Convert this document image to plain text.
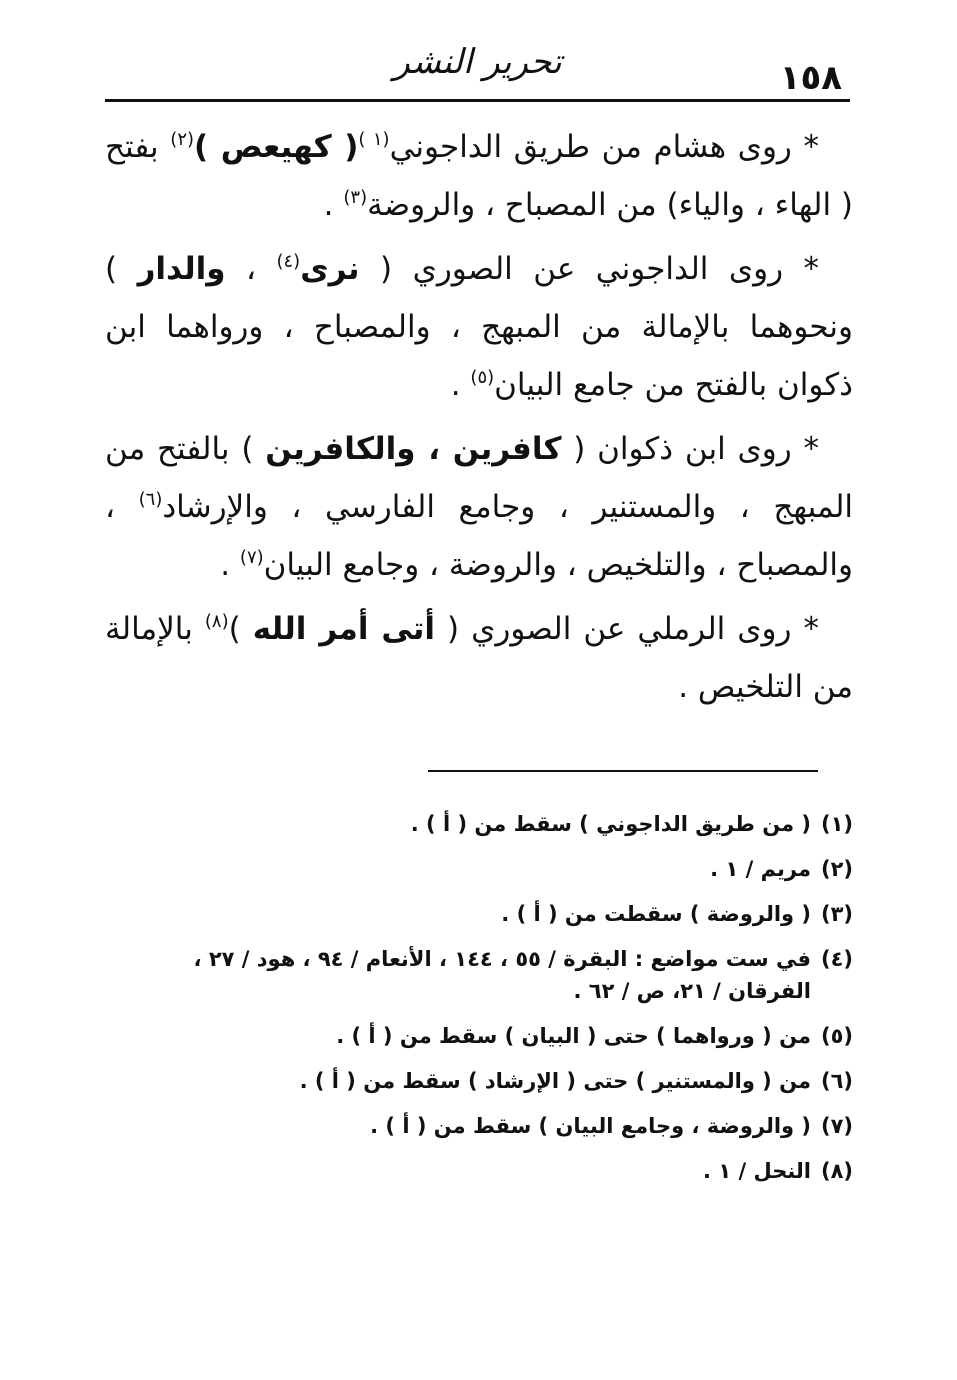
١٥٨
تحرير النشر

* روى هشام من طريق الداجوني$^{(١ )}$( كهيعص )$^{(٢)}$ بفتح ( الهاء ، والياء) من المصباح ، والروضة$^{(٣)}$ .

* روى الداجوني عن الصوري ( نرى$^{(٤)}$ ، والدار ) ونحوهما بالإمالة من المبهج ، والمصباح ، ورواهما ابن ذكوان بالفتح من جامع البيان$^{(٥)}$ .

* روى ابن ذكوان ( كافرين ، والكافرين ) بالفتح من المبهج ، والمستنير ، وجامع الفارسي ، والإرشاد$^{(٦)}$ ، والمصباح ، والتلخيص ، والروضة ، وجامع البيان$^{(٧)}$ .

* روى الرملي عن الصوري ( أتى أمر الله )$^{(٨)}$ بالإمالة من التلخيص .

(١)
( من طريق الداجوني ) سقط من ( أ ) .
(٢)
مريم / ١ .
(٣)
( والروضة ) سقطت من ( أ ) .
(٤)
في ست مواضع : البقرة / ٥٥ ، ١٤٤ ، الأنعام / ٩٤ ، هود / ٢٧ ، الفرقان / ٢١، ص / ٦٢ .
(٥)
من ( ورواهما ) حتى ( البيان ) سقط من ( أ ) .
(٦)
من ( والمستنير ) حتى ( الإرشاد ) سقط من ( أ ) .
(٧)
( والروضة ، وجامع البيان ) سقط من ( أ ) .
(٨)
النحل / ١ .
